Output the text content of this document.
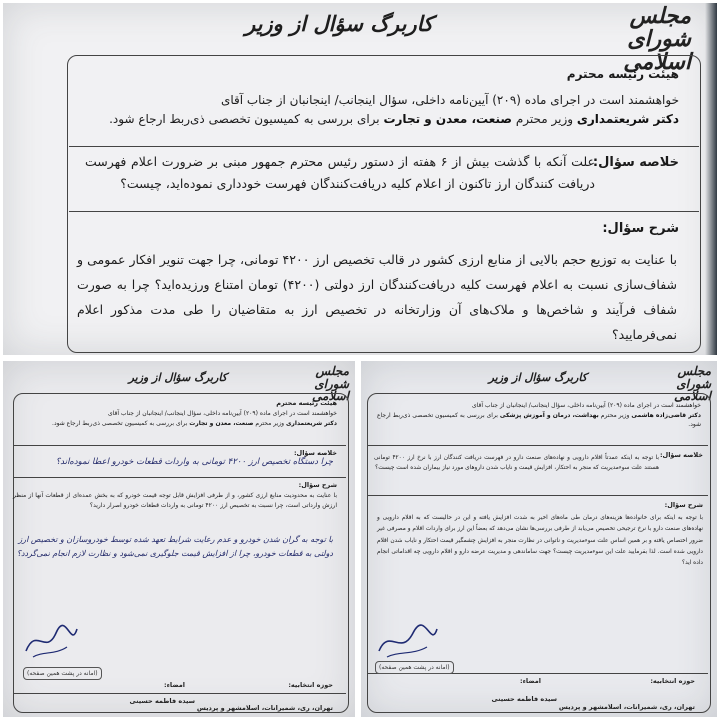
مجلس شورای اسلامی
کاربرگ سؤال از وزیر
هیئت رئیسه محترم
خواهشمند است در اجرای ماده (۲۰۹) آیین‌نامه داخلی، سؤال اینجانب/ اینجانبان از جناب آقای
دکتر شریعتمداری وزیر محترم صنعت، معدن و تجارت برای بررسی به کمیسیون تخصصی ذی‌ربط ارجاع شود.
خلاصه سؤال:
علت آنکه با گذشت بیش از ۶ هفته از دستور رئیس محترم جمهور مبنی بر ضرورت اعلام فهرست دریافت کنندگان ارز تاکنون از اعلام کلیه دریافت‌کنندگان فهرست خودداری نموده‌اید، چیست؟
شرح سؤال:
با عنایت به توزیع حجم بالایی از منابع ارزی کشور در قالب تخصیص ارز ۴۲۰۰ تومانی، چرا جهت تنویر افکار عمومی و شفاف‌سازی نسبت به اعلام فهرست کلیه دریافت‌کنندگان ارز دولتی (۴۲۰۰) تومان امتناع ورزیده‌اید؟ چرا به صورت شفاف فرآیند و شاخص‌ها و ملاک‌های آن وزارتخانه در تخصیص ارز به متقاضیان را طی مدت مذکور اعلام نمی‌فرمایید؟
مجلس شورای اسلامی
کاربرگ سؤال از وزیر
هیئت رئیسه محترم
خواهشمند است در اجرای ماده (۲۰۹) آیین‌نامه داخلی، سؤال اینجانب/ اینجانبان از جناب آقای
دکتر شریعتمداری وزیر محترم صنعت، معدن و تجارت برای بررسی به کمیسیون تخصصی ذی‌ربط ارجاع شود.
خلاصه سؤال:
چرا دستگاه تخصیص ارز ۴۲۰۰ تومانی به واردات قطعات خودرو اعطا نموده‌اند؟
شرح سؤال:
با عنایت به محدودیت منابع ارزی کشور، و از طرفی افزایش قابل توجه قیمت خودرو که به بخش عمده‌ای از قطعات آنها از منظر ارزش وارداتی است، چرا نسبت به تخصیص ارز ۴۲۰۰ تومانی به واردات قطعات خودرو اصرار دارید؟
با توجه به گران شدن خودرو و عدم رعایت شرایط تعهد شده توسط خودروسازان و تخصیص ارز دولتی به قطعات خودرو، چرا از افزایش قیمت جلوگیری نمی‌شود و نظارت لازم انجام نمی‌گردد؟
(امانه در پشت همین صفحه)
حوزه انتخابیه:
امضاء:
سیده فاطمه حسینی
تهران، ری، شمیرانات، اسلامشهر و پردیس
مجلس شورای اسلامی
کاربرگ سؤال از وزیر
خواهشمند است در اجرای ماده (۲۰۹) آیین‌نامه داخلی، سؤال اینجانب/ اینجانبان از جناب آقای
دکتر قاضی‌زاده هاشمی وزیر محترم بهداشت، درمان و آموزش پزشکی برای بررسی به کمیسیون تخصصی ذی‌ربط ارجاع شود.
خلاصه سؤال:
با توجه به اینکه عمدتاً اقلام دارویی و نهاده‌های صنعت دارو در فهرست دریافت کنندگان ارز با نرخ ارز ۴۲۰۰ تومانی هستند علت سوءمدیریت که منجر به احتکار، افزایش قیمت و نایاب شدن داروهای مورد نیاز بیماران شده است چیست؟
شرح سؤال:
با توجه به اینکه برای خانواده‌ها هزینه‌های درمان طی ماه‌های اخیر به شدت افزایش یافته و این در حالیست که به اقلام دارویی و نهاده‌های صنعت دارو با نرخ ترجیحی تخصیص می‌یابد از طرفی بررسی‌ها نشان می‌دهد که بعضاً این ارز برای واردات اقلام و مصرفی غیر ضرور اختصاص یافته و بر همین اساس علت سوءمدیریت و ناتوانی در نظارت منجر به افزایش چشمگیر قیمت احتکار و نایاب شدن اقلام دارویی شده است. لذا بفرمایید علت این سوءمدیریت چیست؟ جهت ساماندهی و مدیریت عرضه دارو و اقلام دارویی چه اقداماتی انجام داده اید؟
(امانه در پشت همین صفحه)
حوزه انتخابیه:
امضاء:
سیده فاطمه حسینی
تهران، ری، شمیرانات، اسلامشهر و پردیس
